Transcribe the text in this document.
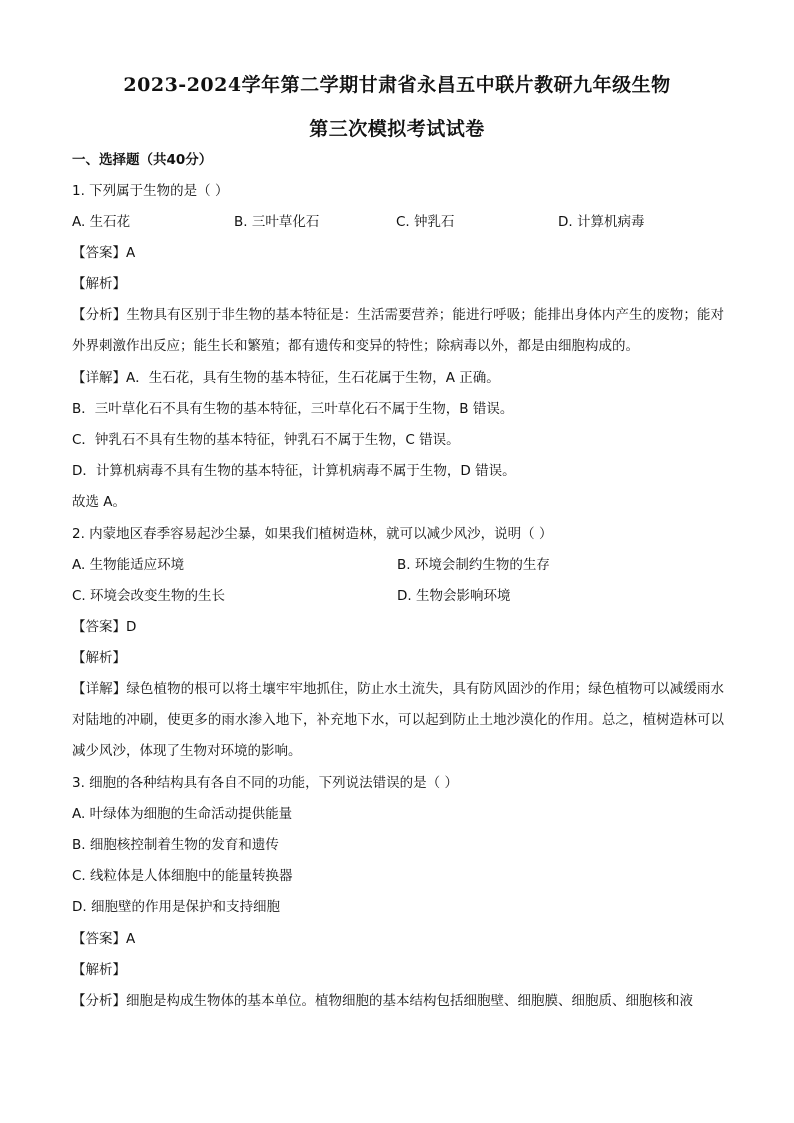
2023-2024学年第二学期甘肃省永昌五中联片教研九年级生物
第三次模拟考试试卷
一、选择题（共40分）
1. 下列属于生物的是（ ）
A. 生石花	B. 三叶草化石	C. 钟乳石	D. 计算机病毒
【答案】A
【解析】
【分析】生物具有区别于非生物的基本特征是：生活需要营养；能进行呼吸；能排出身体内产生的废物；能对外界刺激作出反应；能生长和繁殖；都有遗传和变异的特性；除病毒以外，都是由细胞构成的。
【详解】A．生石花，具有生物的基本特征，生石花属于生物，A 正确。
B．三叶草化石不具有生物的基本特征，三叶草化石不属于生物，B 错误。
C．钟乳石不具有生物的基本特征，钟乳石不属于生物，C 错误。
D．计算机病毒不具有生物的基本特征，计算机病毒不属于生物，D 错误。
故选 A。
2. 内蒙地区春季容易起沙尘暴，如果我们植树造林，就可以减少风沙，说明（ ）
A. 生物能适应环境	B. 环境会制约生物的生存
C. 环境会改变生物的生长	D. 生物会影响环境
【答案】D
【解析】
【详解】绿色植物的根可以将土壤牢牢地抓住，防止水土流失，具有防风固沙的作用；绿色植物可以减缓雨水对陆地的冲刷，使更多的雨水渗入地下，补充地下水，可以起到防止土地沙漠化的作用。总之，植树造林可以减少风沙，体现了生物对环境的影响。
3. 细胞的各种结构具有各自不同的功能，下列说法错误的是（ ）
A. 叶绿体为细胞的生命活动提供能量
B. 细胞核控制着生物的发育和遗传
C. 线粒体是人体细胞中的能量转换器
D. 细胞壁的作用是保护和支持细胞
【答案】A
【解析】
【分析】细胞是构成生物体的基本单位。植物细胞的基本结构包括细胞壁、细胞膜、细胞质、细胞核和液
